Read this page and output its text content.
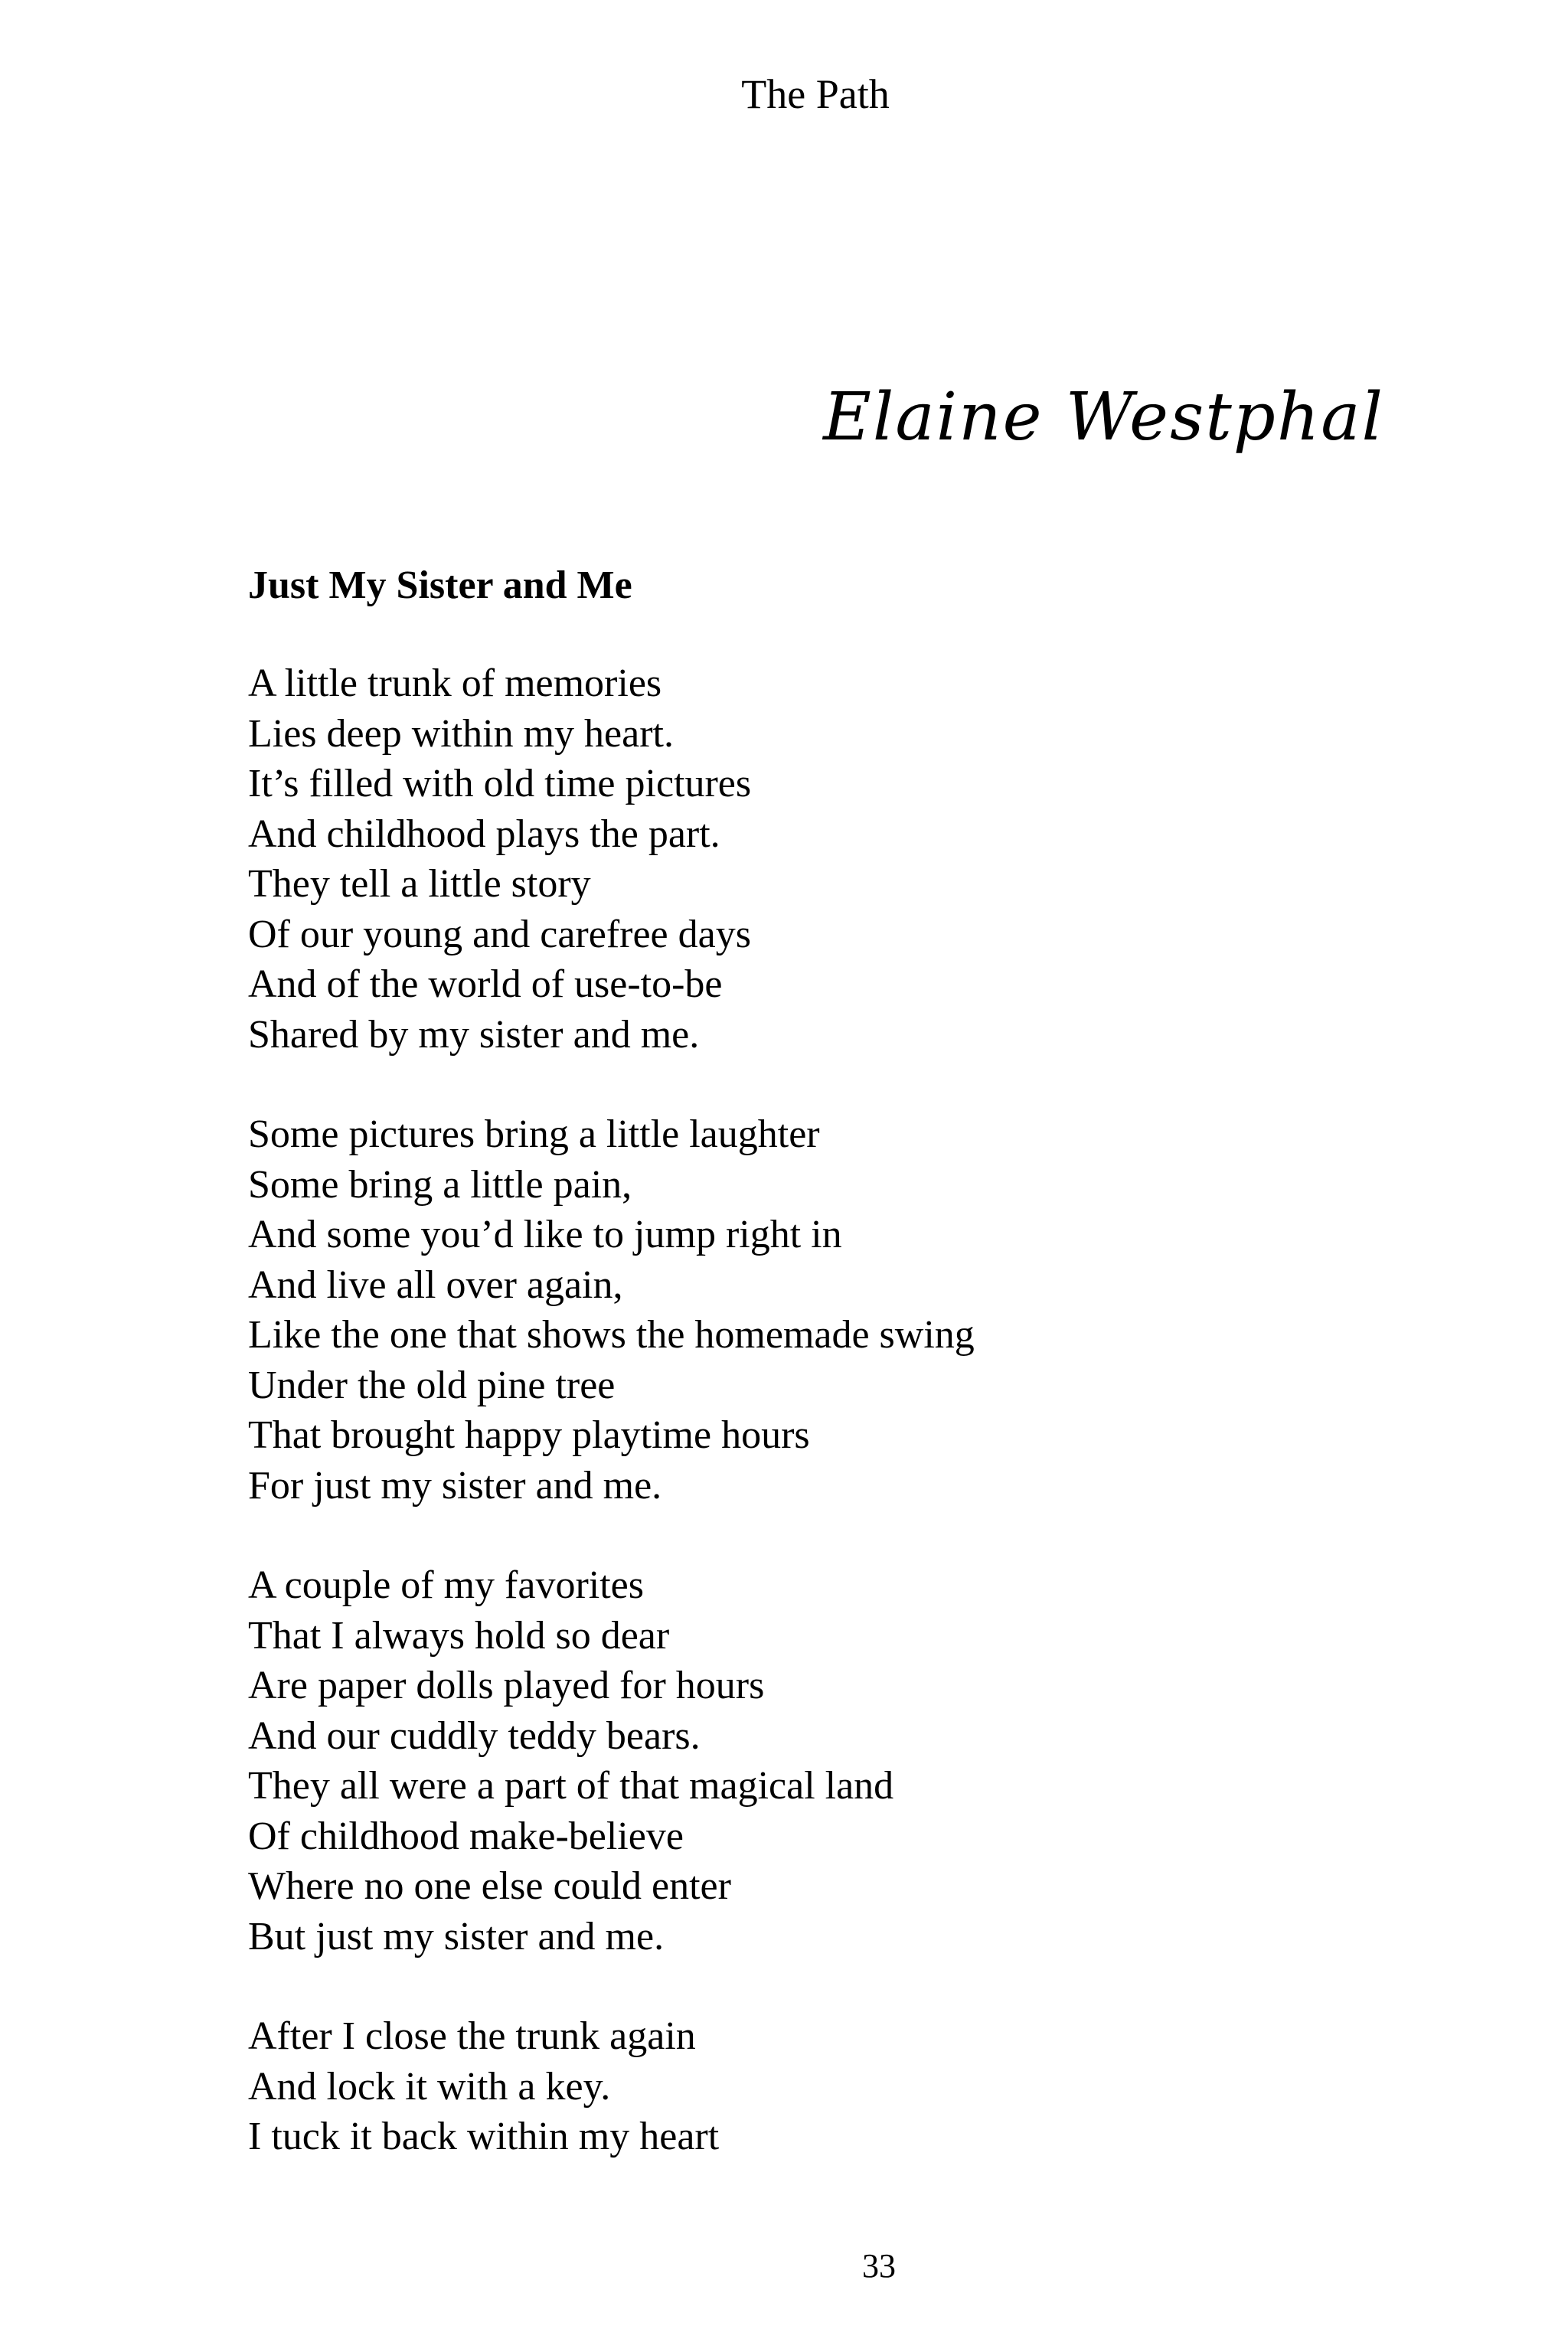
The Path
Elaine Westphal
Just My Sister and Me
A little trunk of memories
Lies deep within my heart.
It’s filled with old time pictures
And childhood plays the part.
They tell a little story
Of our young and carefree days
And of the world of use-to-be
Shared by my sister and me.
Some pictures bring a little laughter
Some bring a little pain,
And some you’d like to jump right in
And live all over again,
Like the one that shows the homemade swing
Under the old pine tree
That brought happy playtime hours
For just my sister and me.
A couple of my favorites
That I always hold so dear
Are paper dolls played for hours
And our cuddly teddy bears.
They all were a part of that magical land
Of childhood make-believe
Where no one else could enter
But just my sister and me.
After I close the trunk again
And lock it with a key.
I tuck it back within my heart
33
